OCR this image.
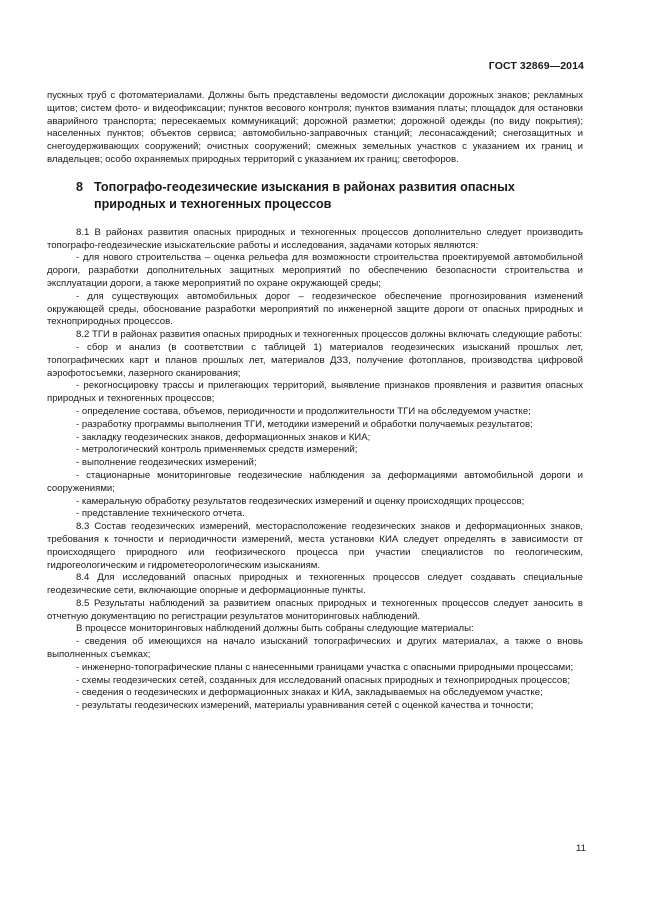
ГОСТ 32869—2014

пускных труб с фотоматериалами. Должны быть представлены ведомости дислокации дорожных знаков; рекламных щитов; систем фото- и видеофиксации; пунктов весового контроля; пунктов взимания платы; площадок для остановки аварийного транспорта; пересекаемых коммуникаций; дорожной разметки; дорожной одежды (по виду покрытия); населенных пунктов; объектов сервиса; автомобильно-заправочных станций; лесонасаждений; снегозащитных и снегоудерживающих сооружений; очистных сооружений; смежных земельных участков с указанием их границ и владельцев; особо охраняемых природных территорий с указанием их границ; светофоров.

8 Топографо-геодезические изыскания в районах развития опасных
природных и техногенных процессов

8.1 В районах развития опасных природных и техногенных процессов дополнительно следует производить топографо-геодезические изыскательские работы и исследования, задачами которых являются:

- для нового строительства – оценка рельефа для возможности строительства проектируемой автомобильной дороги, разработки дополнительных защитных мероприятий по обеспечению безопасности строительства и эксплуатации дороги, а также мероприятий по охране окружающей среды;

- для существующих автомобильных дорог – геодезическое обеспечение прогнозирования изменений окружающей среды, обоснование разработки мероприятий по инженерной защите дороги от опасных природных и технoприродных процессов.

8.2 ТГИ в районах развития опасных природных и техногенных процессов должны включать следующие работы:

- сбор и анализ (в соответствии с таблицей 1) материалов геодезических изысканий прошлых лет, топографических карт и планов прошлых лет, материалов ДЗЗ, получение фотопланов, производства цифровой аэрофотосъемки, лазерного сканирования;

- рекогносцировку трассы и прилегающих территорий, выявление признаков проявления и развития опасных природных и техногенных процессов;

- определение состава, объемов, периодичности и продолжительности ТГИ на обследуемом участке;

- разработку программы выполнения ТГИ, методики измерений и обработки получаемых результатов;

- закладку геодезических знаков, деформационных знаков и КИА;

- метрологический контроль применяемых средств измерений;

- выполнение геодезических измерений;

- стационарные мониторинговые геодезические наблюдения за деформациями автомобильной дороги и сооружениями;

- камеральную обработку результатов геодезических измерений и оценку происходящих процессов;

- представление технического отчета.

8.3 Состав геодезических измерений, месторасположение геодезических знаков и деформационных знаков, требования к точности и периодичности измерений, места установки КИА следует определять в зависимости от происходящего природного или геофизического процесса при участии специалистов по геологическим, гидрогеологическим и гидрометеорологическим изысканиям.

8.4 Для исследований опасных природных и техногенных процессов следует создавать специальные геодезические сети, включающие опорные и деформационные пункты.

8.5 Результаты наблюдений за развитием опасных природных и техногенных процессов следует заносить в отчетную документацию по регистрации результатов мониторинговых наблюдений.

В процессе мониторинговых наблюдений должны быть собраны следующие материалы:

- сведения об имеющихся на начало изысканий топографических и других материалах, а также о вновь выполненных съемках;

- инженерно-топографические планы с нанесенными границами участка с опасными природными процессами;

- схемы геодезических сетей, созданных для исследований опасных природных и технoприродных процессов;

- сведения о геодезических и деформационных знаках и КИА, закладываемых на обследуемом участке;

- результаты геодезических измерений, материалы уравнивания сетей с оценкой качества и точности;

11
